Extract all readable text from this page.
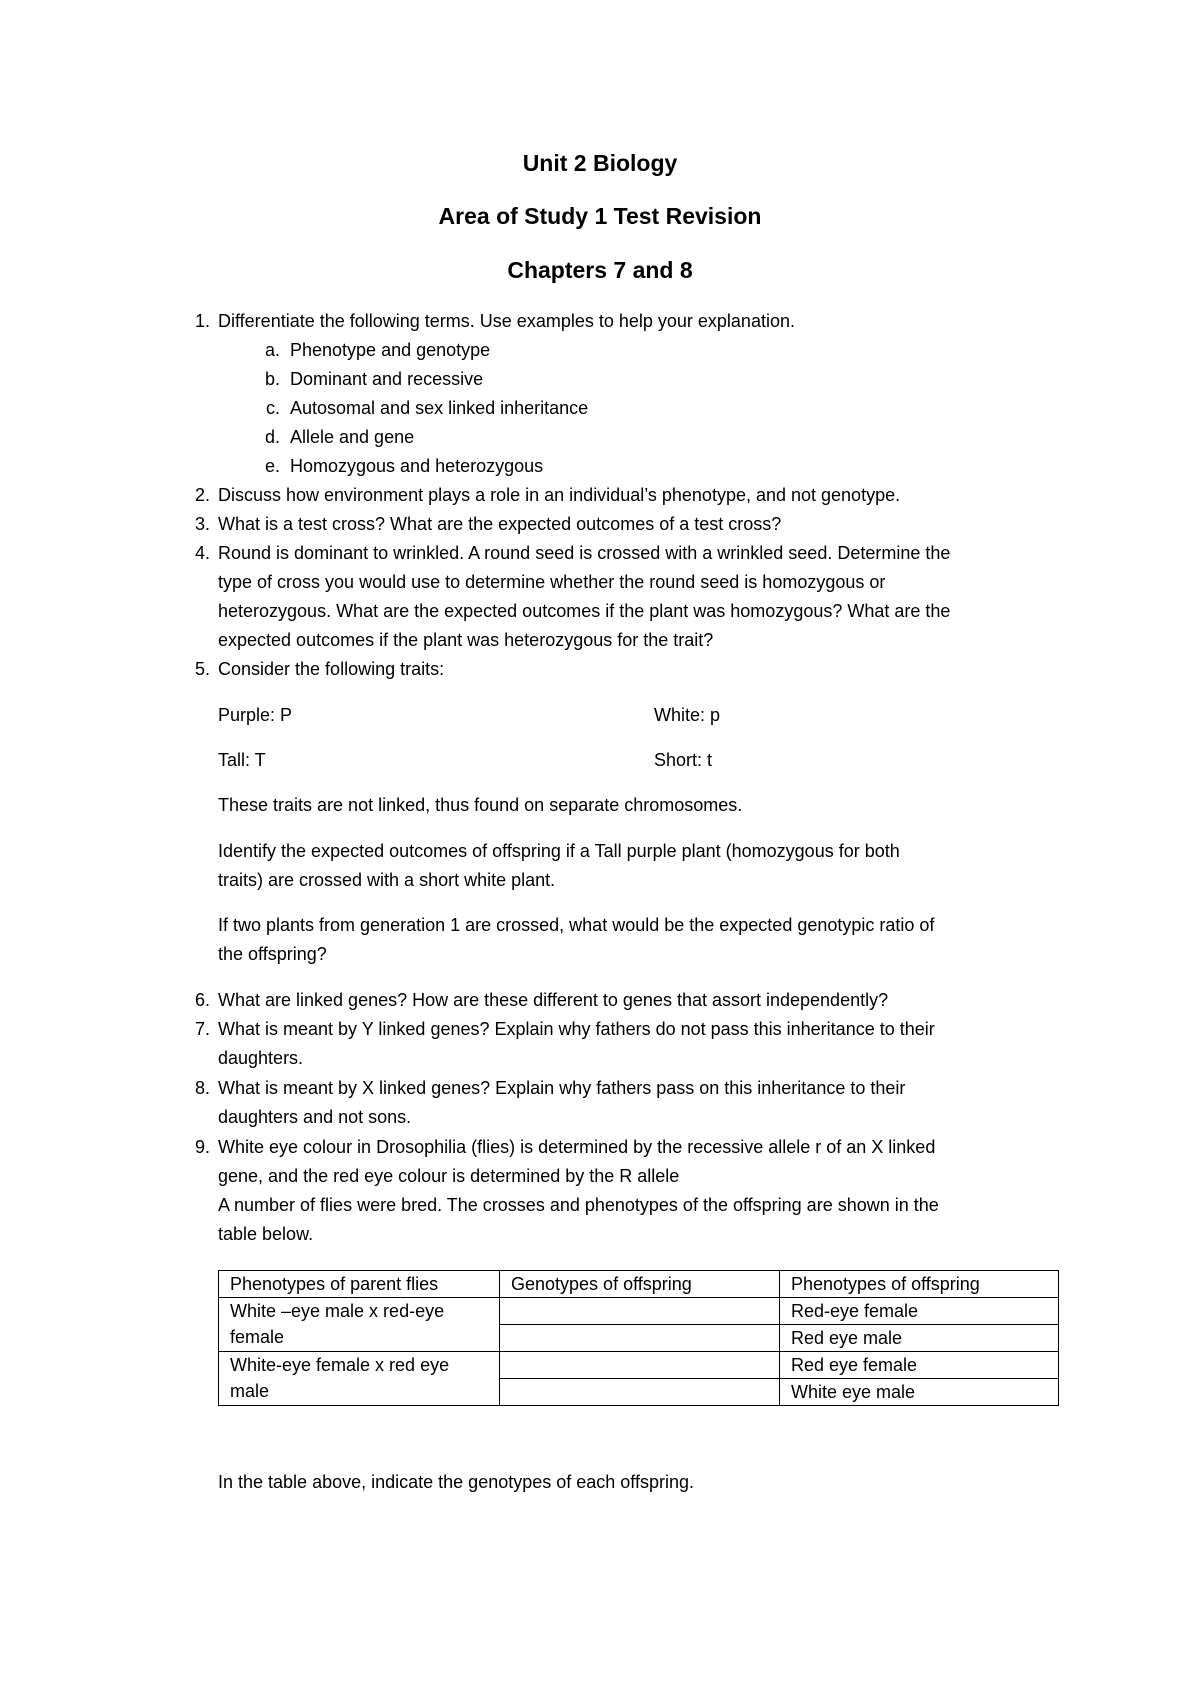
Unit 2 Biology
Area of Study 1 Test Revision
Chapters 7 and 8
1. Differentiate the following terms. Use examples to help your explanation.
a. Phenotype and genotype
b. Dominant and recessive
c. Autosomal and sex linked inheritance
d. Allele and gene
e. Homozygous and heterozygous
2. Discuss how environment plays a role in an individual’s phenotype, and not genotype.
3. What is a test cross? What are the expected outcomes of a test cross?
4. Round is dominant to wrinkled. A round seed is crossed with a wrinkled seed. Determine the
type of cross you would use to determine whether the round seed is homozygous or
heterozygous. What are the expected outcomes if the plant was homozygous? What are the
expected outcomes if the plant was heterozygous for the trait?
5. Consider the following traits:
Purple: P	White: p
Tall: T	Short: t
These traits are not linked, thus found on separate chromosomes.
Identify the expected outcomes of offspring if a Tall purple plant (homozygous for both
traits) are crossed with a short white plant.
If two plants from generation 1 are crossed, what would be the expected genotypic ratio of
the offspring?
6. What are linked genes? How are these different to genes that assort independently?
7. What is meant by Y linked genes? Explain why fathers do not pass this inheritance to their
daughters.
8. What is meant by X linked genes? Explain why fathers pass on this inheritance to their
daughters and not sons.
9. White eye colour in Drosophilia (flies) is determined by the recessive allele r of an X linked
gene, and the red eye colour is determined by the R allele
A number of flies were bred. The crosses and phenotypes of the offspring are shown in the
table below.
Phenotypes of parent flies	Genotypes of offspring	Phenotypes of offspring
White –eye male x red-eye female		Red-eye female
		Red eye male
White-eye female x red eye male		Red eye female
		White eye male
In the table above, indicate the genotypes of each offspring.
